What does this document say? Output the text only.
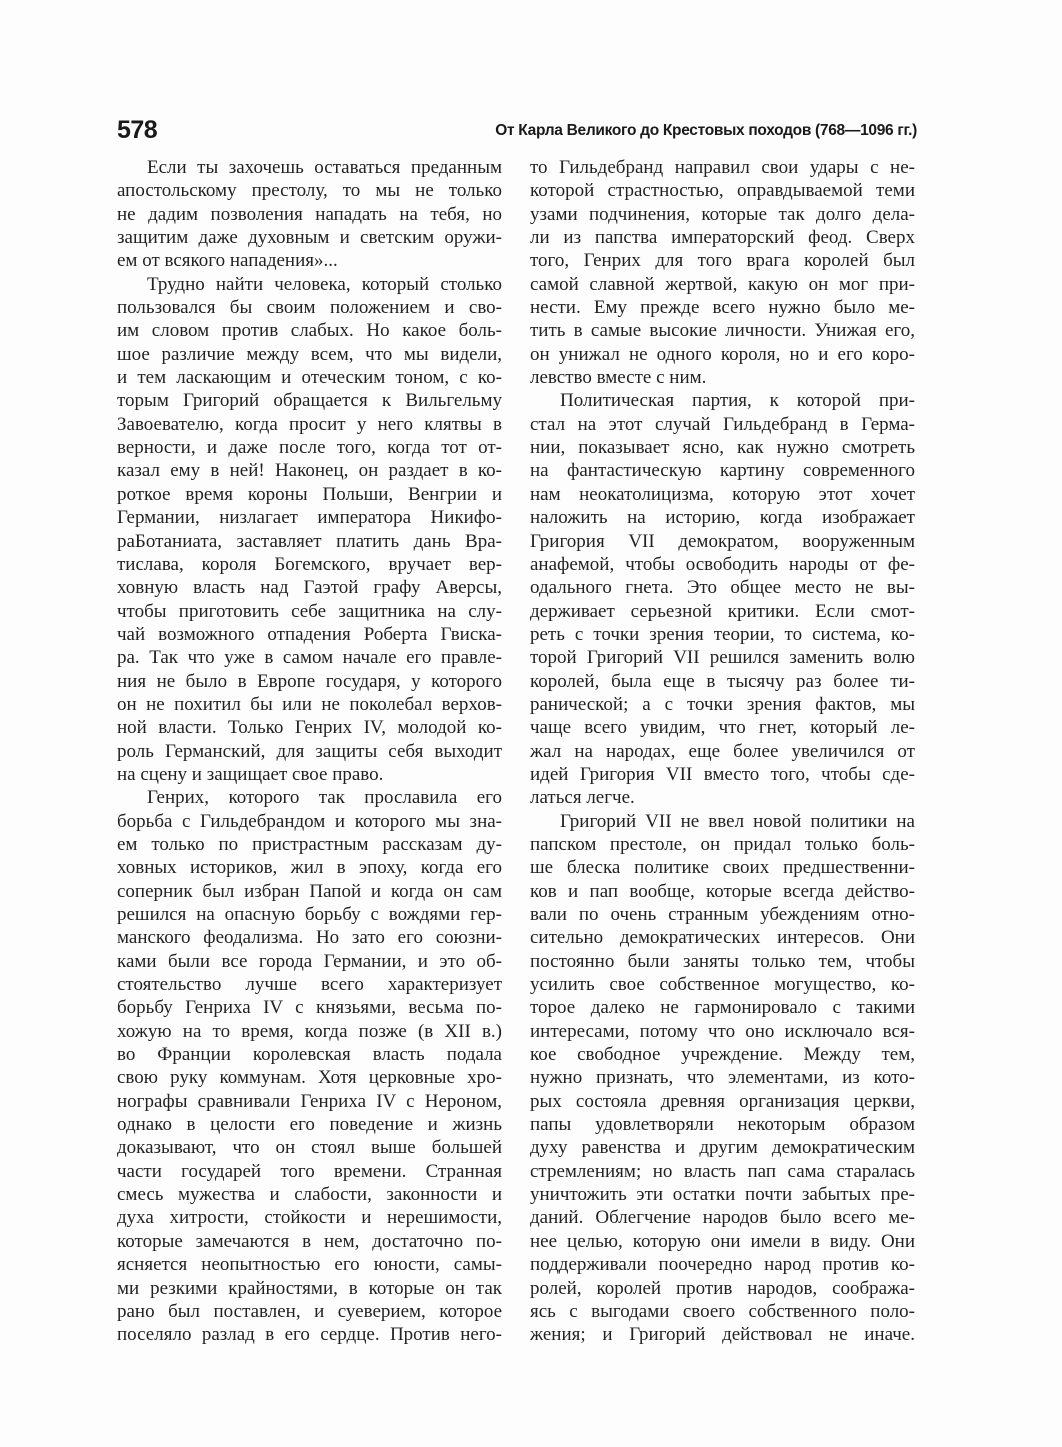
578	От Карла Великого до Крестовых походов (768—1096 гг.)
Если ты захочешь оставаться преданным
апостольскому престолу, то мы не только
не дадим позволения нападать на тебя, но
защитим даже духовным и светским оружи-
ем от всякого нападения»...
Трудно найти человека, который столько
пользовался бы своим положением и сво-
им словом против слабых. Но какое боль-
шое различие между всем, что мы видели,
и тем ласкающим и отеческим тоном, с ко-
торым Григорий обращается к Вильгельму
Завоевателю, когда просит у него клятвы в
верности, и даже после того, когда тот от-
казал ему в ней! Наконец, он раздает в ко-
роткое время короны Польши, Венгрии и
Германии, низлагает императора Никифо-
раБотаниата, заставляет платить дань Вра-
тислава, короля Богемского, вручает вер-
ховную власть над Гаэтой графу Аверсы,
чтобы приготовить себе защитника на слу-
чай возможного отпадения Роберта Гвиска-
ра. Так что уже в самом начале его правле-
ния не было в Европе государя, у которого
он не похитил бы или не поколебал верхов-
ной власти. Только Генрих IV, молодой ко-
роль Германский, для защиты себя выходит
на сцену и защищает свое право.
Генрих, которого так прославила его
борьба с Гильдебрандом и которого мы зна-
ем только по пристрастным рассказам ду-
ховных историков, жил в эпоху, когда его
соперник был избран Папой и когда он сам
решился на опасную борьбу с вождями гер-
манского феодализма. Но зато его союзни-
ками были все города Германии, и это об-
стоятельство лучше всего характеризует
борьбу Генриха IV с князьями, весьма по-
хожую на то время, когда позже (в XII в.)
во Франции королевская власть подала
свою руку коммунам. Хотя церковные хро-
нографы сравнивали Генриха IV с Нероном,
однако в целости его поведение и жизнь
доказывают, что он стоял выше большей
части государей того времени. Странная
смесь мужества и слабости, законности и
духа хитрости, стойкости и нерешимости,
которые замечаются в нем, достаточно по-
ясняется неопытностью его юности, самы-
ми резкими крайностями, в которые он так
рано был поставлен, и суеверием, которое
поселяло разлад в его сердце. Против него-
то Гильдебранд направил свои удары с не-
которой страстностью, оправдываемой теми
узами подчинения, которые так долго дела-
ли из папства императорский феод. Сверх
того, Генрих для того врага королей был
самой славной жертвой, какую он мог при-
нести. Ему прежде всего нужно было ме-
тить в самые высокие личности. Унижая его,
он унижал не одного короля, но и его коро-
левство вместе с ним.
Политическая партия, к которой при-
стал на этот случай Гильдебранд в Герма-
нии, показывает ясно, как нужно смотреть
на фантастическую картину современного
нам неокатолицизма, которую этот хочет
наложить на историю, когда изображает
Григория VII демократом, вооруженным
анафемой, чтобы освободить народы от фе-
одального гнета. Это общее место не вы-
держивает серьезной критики. Если смот-
реть с точки зрения теории, то система, ко-
торой Григорий VII решился заменить волю
королей, была еще в тысячу раз более ти-
ранической; а с точки зрения фактов, мы
чаще всего увидим, что гнет, который ле-
жал на народах, еще более увеличился от
идей Григория VII вместо того, чтобы сде-
латься легче.
Григорий VII не ввел новой политики на
папском престоле, он придал только боль-
ше блеска политике своих предшественни-
ков и пап вообще, которые всегда действо-
вали по очень странным убеждениям отно-
сительно демократических интересов. Они
постоянно были заняты только тем, чтобы
усилить свое собственное могущество, ко-
торое далеко не гармонировало с такими
интересами, потому что оно исключало вся-
кое свободное учреждение. Между тем,
нужно признать, что элементами, из кото-
рых состояла древняя организация церкви,
папы удовлетворяли некоторым образом
духу равенства и другим демократическим
стремлениям; но власть пап сама старалась
уничтожить эти остатки почти забытых пре-
даний. Облегчение народов было всего ме-
нее целью, которую они имели в виду. Они
поддерживали поочередно народ против ко-
ролей, королей против народов, сообража-
ясь с выгодами своего собственного поло-
жения; и Григорий действовал не иначе.
